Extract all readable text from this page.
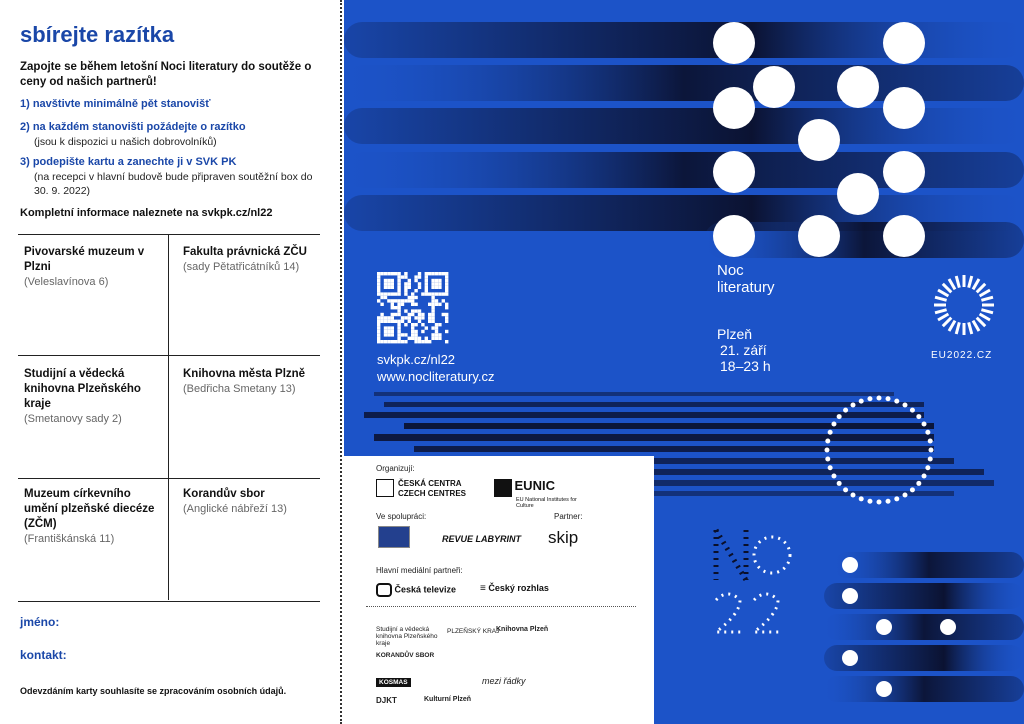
sbírejte razítka
Zapojte se během letošní Noci literatury do soutěže o ceny od našich partnerů!
1) navštivte minimálně pět stanovišť
2) na každém stanovišti požádejte o razítko
(jsou k dispozici u našich dobrovolníků)
3) podepište kartu a zanechte ji v SVK PK
(na recepci v hlavní budově bude připraven soutěžní box do 30. 9. 2022)
Kompletní informace naleznete na svkpk.cz/nl22
Pivovarské muzeum v Plzni
(Veleslavínova 6)
Fakulta právnická ZČU
(sady Pětatřicátníků 14)
Studijní a vědecká knihovna Plzeňského kraje
(Smetanovy sady 2)
Knihovna města Plzně
(Bedřicha Smetany 13)
Muzeum církevního umění plzeňské diecéze (ZČM)
(Františkánská 11)
Korandův sbor
(Anglické nábřeží 13)
jméno:
kontakt:
Odevzdáním karty souhlasíte se zpracováním osobních údajů.
svkpk.cz/nl22
www.nocliteratury.cz
Noc
literatury
Plzeň
21. září
18–23 h
EU2022.CZ
Organizují:
ČESKÁ CENTRA
CZECH CENTRES
EUNIC
EU National Institutes for Culture
Ve spolupráci:	Partner:
REVUE LABYRINT skip
Hlavní mediální partneři:
Česká televize ≡ Český rozhlas
Studijní a vědecká knihovna Plzeňského kraje
PLZEŇSKÝ KRAJ
Knihovna Plzeň
KORANDŮV SBOR
KOSMAS	mezi řádky
DJKT	Kulturní Plzeň
